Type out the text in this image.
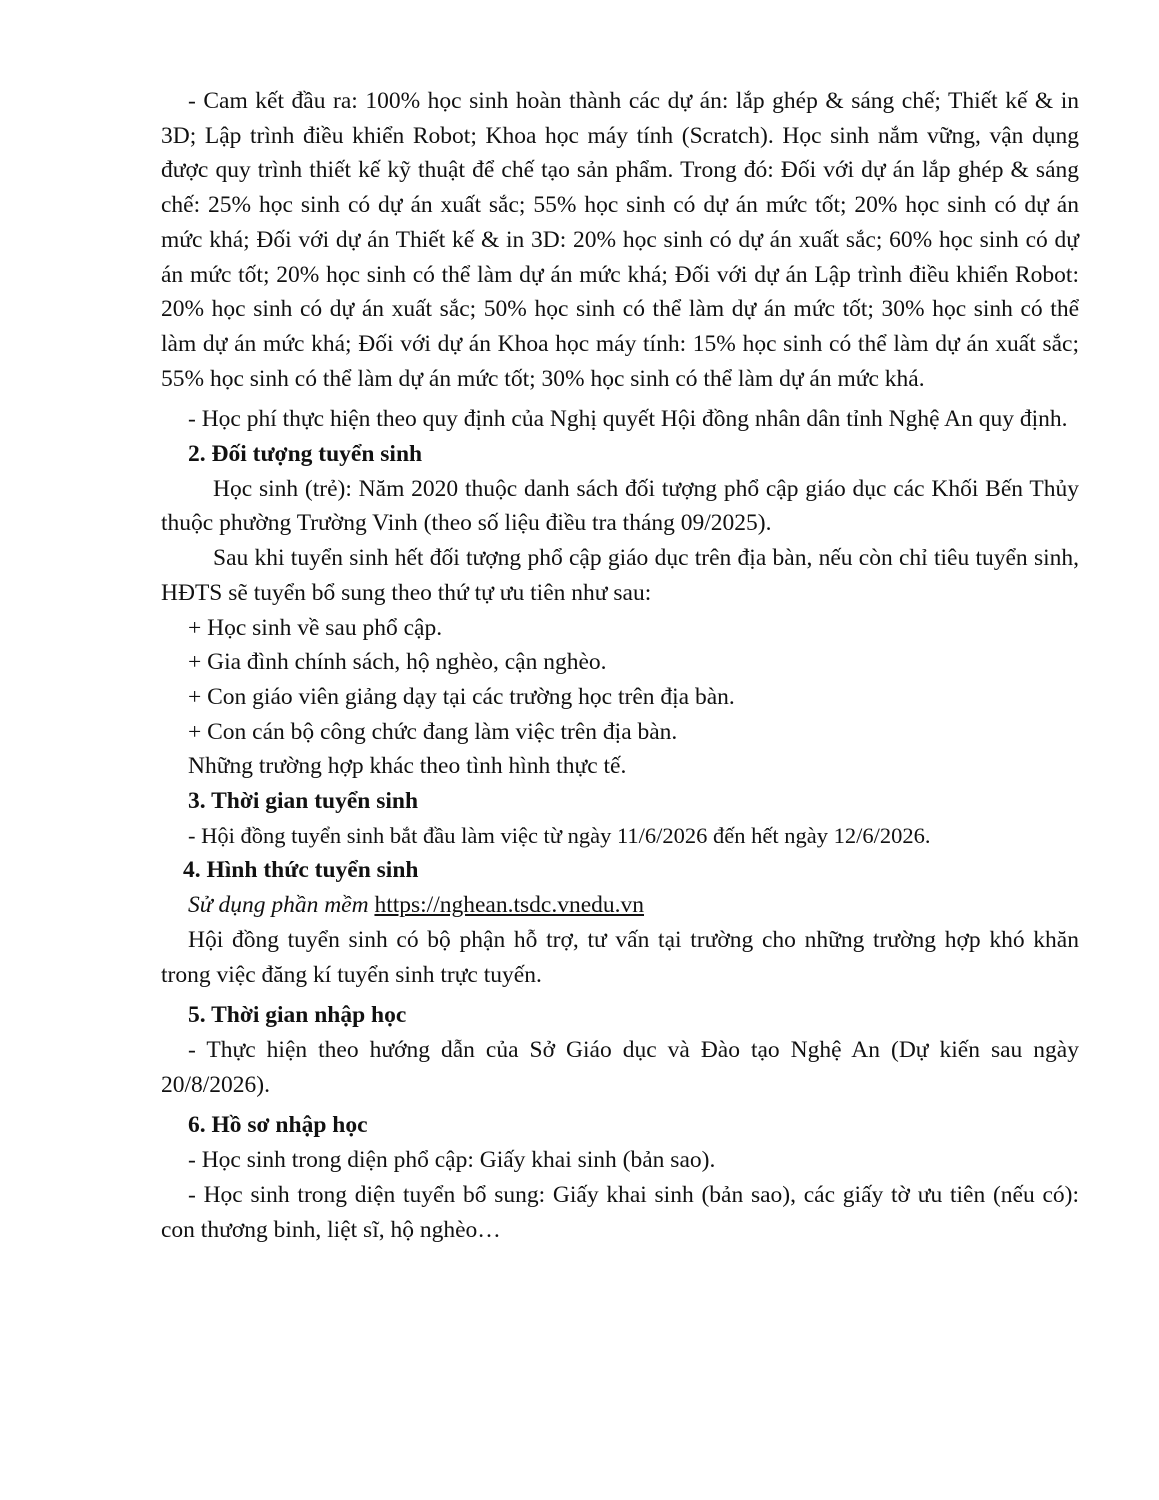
- Cam kết đầu ra: 100% học sinh hoàn thành các dự án: lắp ghép & sáng chế; Thiết kế & in 3D; Lập trình điều khiển Robot; Khoa học máy tính (Scratch). Học sinh nắm vững, vận dụng được quy trình thiết kế kỹ thuật để chế tạo sản phẩm. Trong đó: Đối với dự án lắp ghép & sáng chế: 25% học sinh có dự án xuất sắc; 55% học sinh có dự án mức tốt; 20% học sinh có dự án mức khá; Đối với dự án Thiết kế & in 3D: 20% học sinh có dự án xuất sắc; 60% học sinh có dự án mức tốt; 20% học sinh có thể làm dự án mức khá; Đối với dự án Lập trình điều khiển Robot: 20% học sinh có dự án xuất sắc; 50% học sinh có thể làm dự án mức tốt; 30% học sinh có thể làm dự án mức khá; Đối với dự án Khoa học máy tính: 15% học sinh có thể làm dự án xuất sắc; 55% học sinh có thể làm dự án mức tốt; 30% học sinh có thể làm dự án mức khá.

- Học phí thực hiện theo quy định của Nghị quyết Hội đồng nhân dân tỉnh Nghệ An quy định.

2. Đối tượng tuyển sinh

Học sinh (trẻ): Năm 2020 thuộc danh sách đối tượng phổ cập giáo dục các Khối Bến Thủy thuộc phường Trường Vinh (theo số liệu điều tra tháng 09/2025).

Sau khi tuyển sinh hết đối tượng phổ cập giáo dục trên địa bàn, nếu còn chỉ tiêu tuyển sinh, HĐTS sẽ tuyển bổ sung theo thứ tự ưu tiên như sau:

+ Học sinh về sau phổ cập.

+ Gia đình chính sách, hộ nghèo, cận nghèo.

+ Con giáo viên giảng dạy tại các trường học trên địa bàn.

+ Con cán bộ công chức đang làm việc trên địa bàn.

Những trường hợp khác theo tình hình thực tế.

3. Thời gian tuyển sinh

- Hội đồng tuyển sinh bắt đầu làm việc từ ngày 11/6/2026 đến hết ngày 12/6/2026.

4. Hình thức tuyển sinh

Sử dụng phần mềm https://nghean.tsdc.vnedu.vn

Hội đồng tuyển sinh có bộ phận hỗ trợ, tư vấn tại trường cho những trường hợp khó khăn trong việc đăng kí tuyển sinh trực tuyến.

5. Thời gian nhập học

- Thực hiện theo hướng dẫn của Sở Giáo dục và Đào tạo Nghệ An (Dự kiến sau ngày 20/8/2026).

6. Hồ sơ nhập học

- Học sinh trong diện phổ cập: Giấy khai sinh (bản sao).

- Học sinh trong diện tuyển bổ sung: Giấy khai sinh (bản sao), các giấy tờ ưu tiên (nếu có): con thương binh, liệt sĩ, hộ nghèo…
